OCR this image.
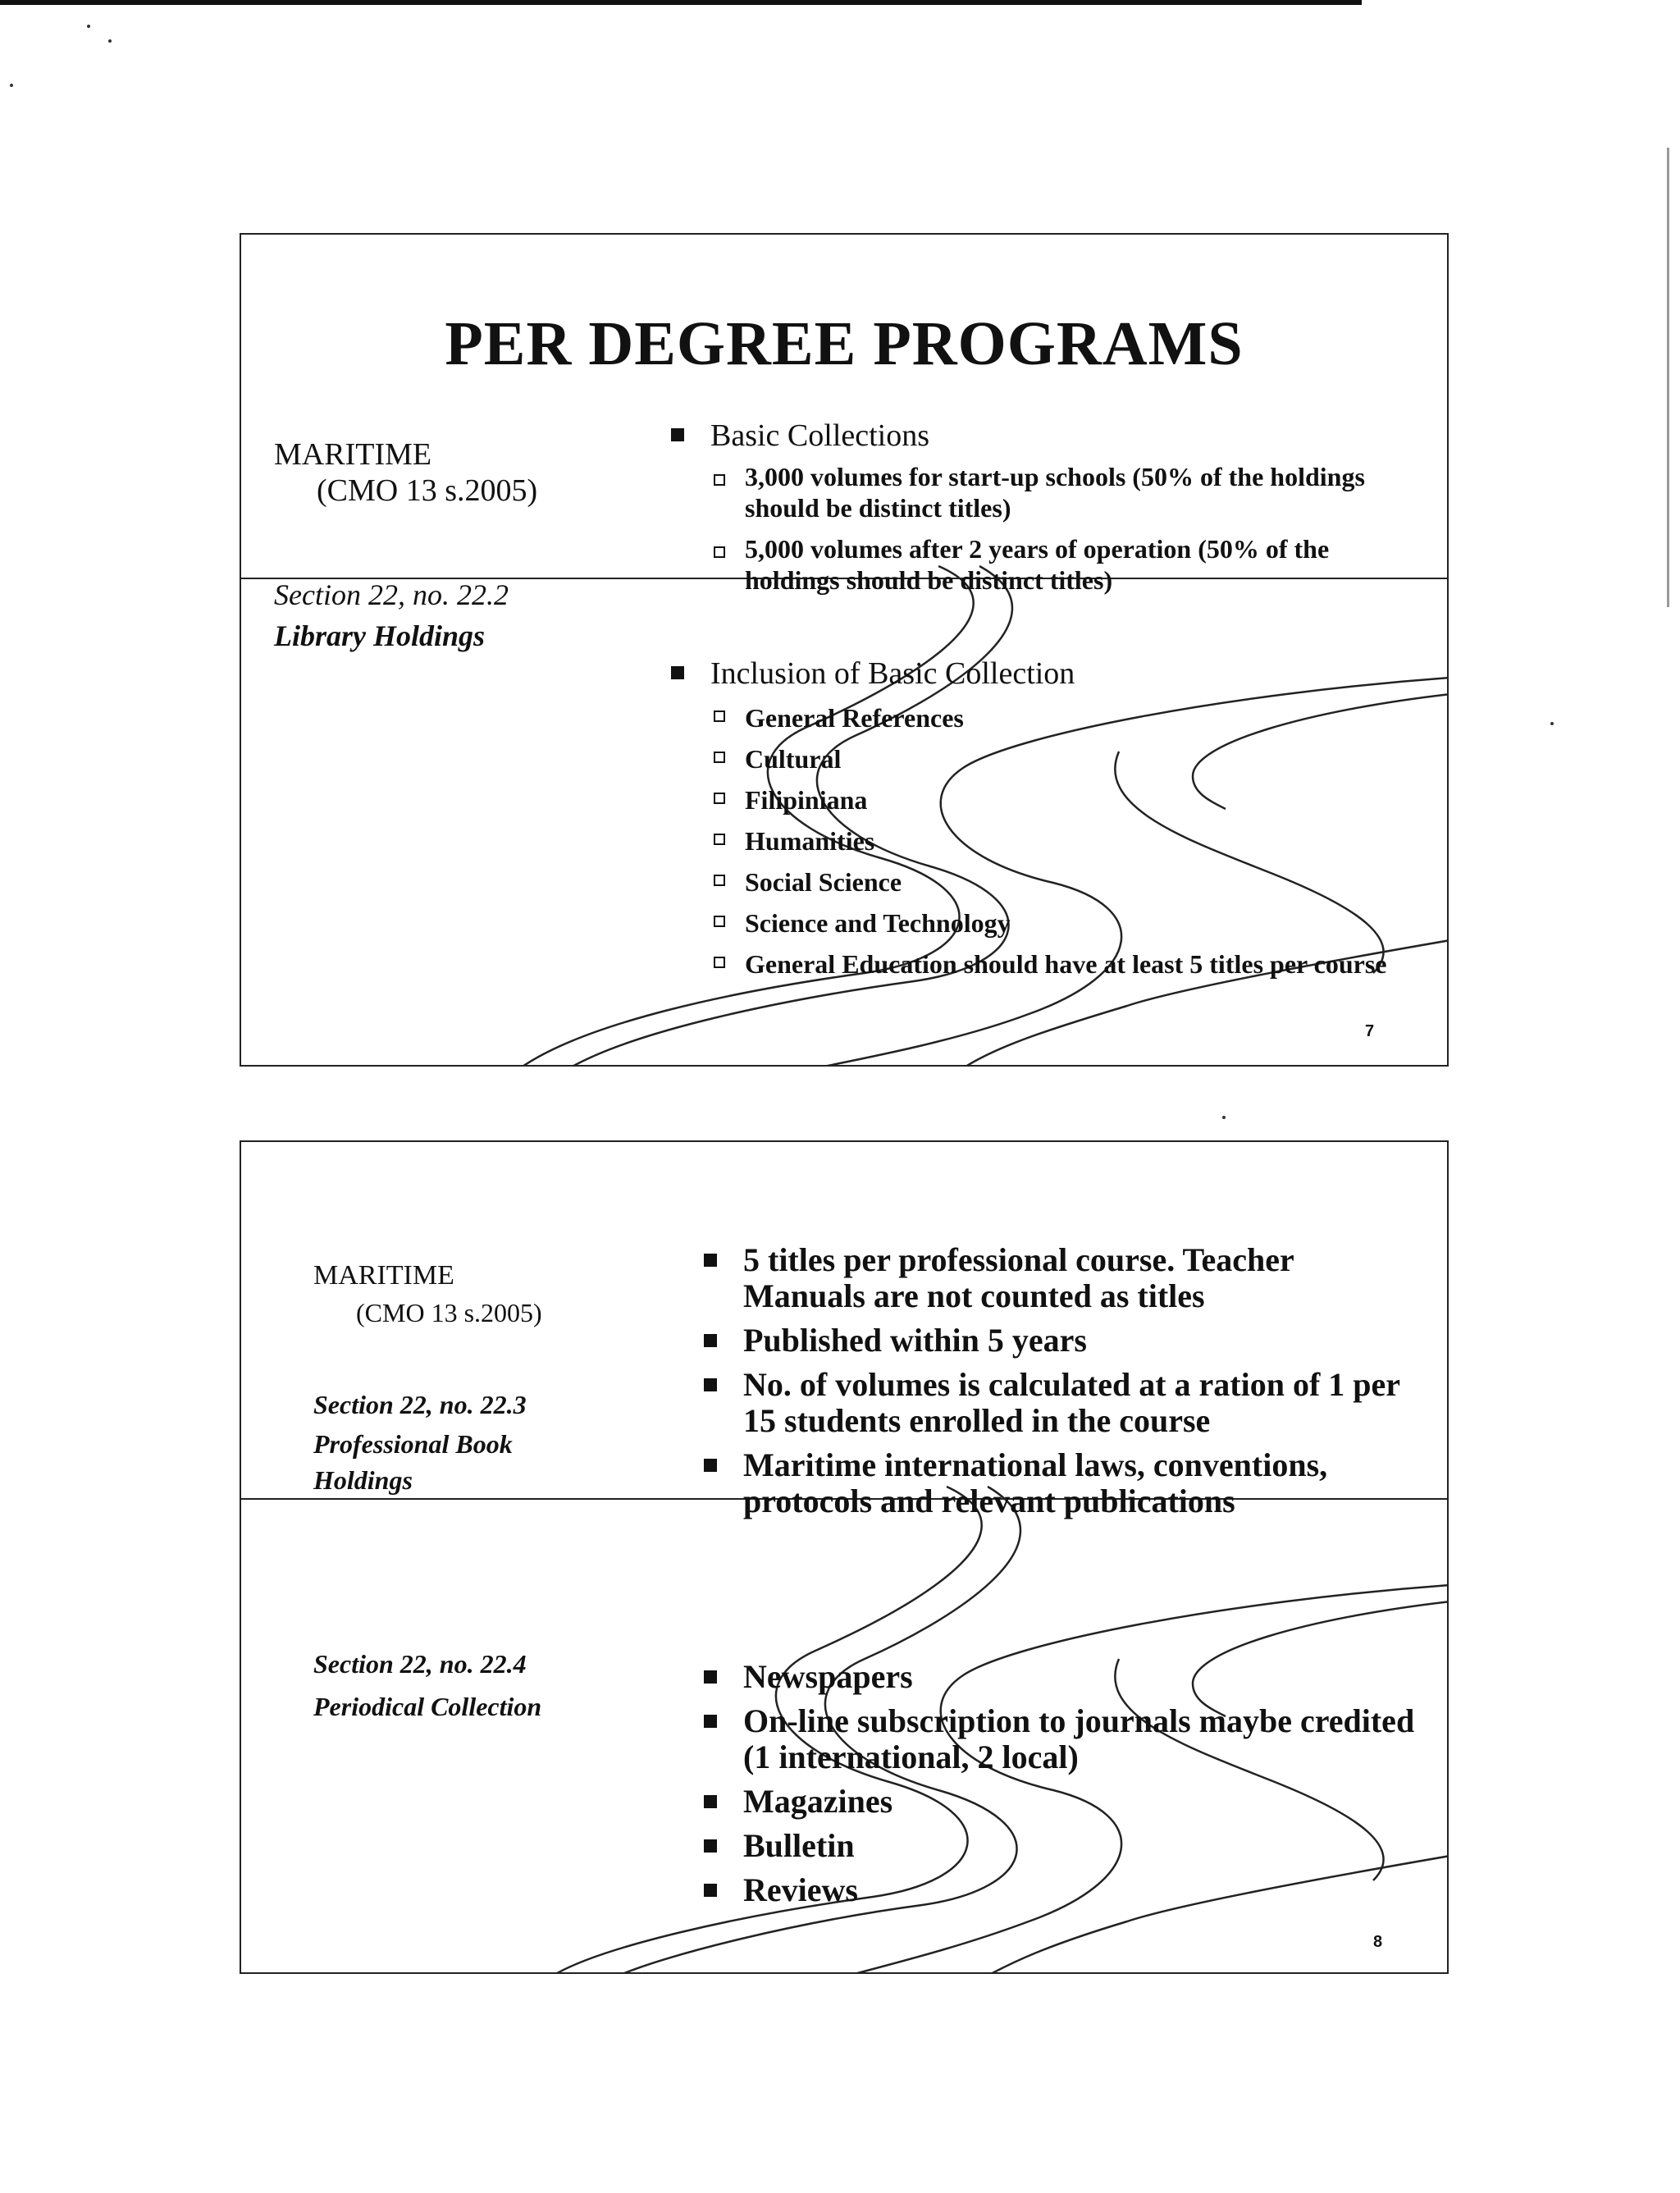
PER DEGREE PROGRAMS
MARITIME
(CMO 13 s.2005)
Section 22, no. 22.2
Library Holdings
Basic Collections
3,000 volumes for start-up schools (50% of the holdings should be distinct titles)
5,000 volumes after 2 years of operation (50% of the holdings should be distinct titles)
Inclusion of Basic Collection
General References
Cultural
Filipiniana
Humanities
Social Science
Science and Technology
General Education should have at least 5 titles per course
7
MARITIME
(CMO 13 s.2005)
Section 22, no. 22.3
Professional Book Holdings
Section 22, no. 22.4
Periodical Collection
5 titles per professional course. Teacher Manuals are not counted as titles
Published within 5 years
No. of volumes is calculated at a ration of 1 per 15 students enrolled in the course
Maritime international laws, conventions, protocols and relevant publications
Newspapers
On-line subscription to journals maybe credited (1 international, 2 local)
Magazines
Bulletin
Reviews
8
